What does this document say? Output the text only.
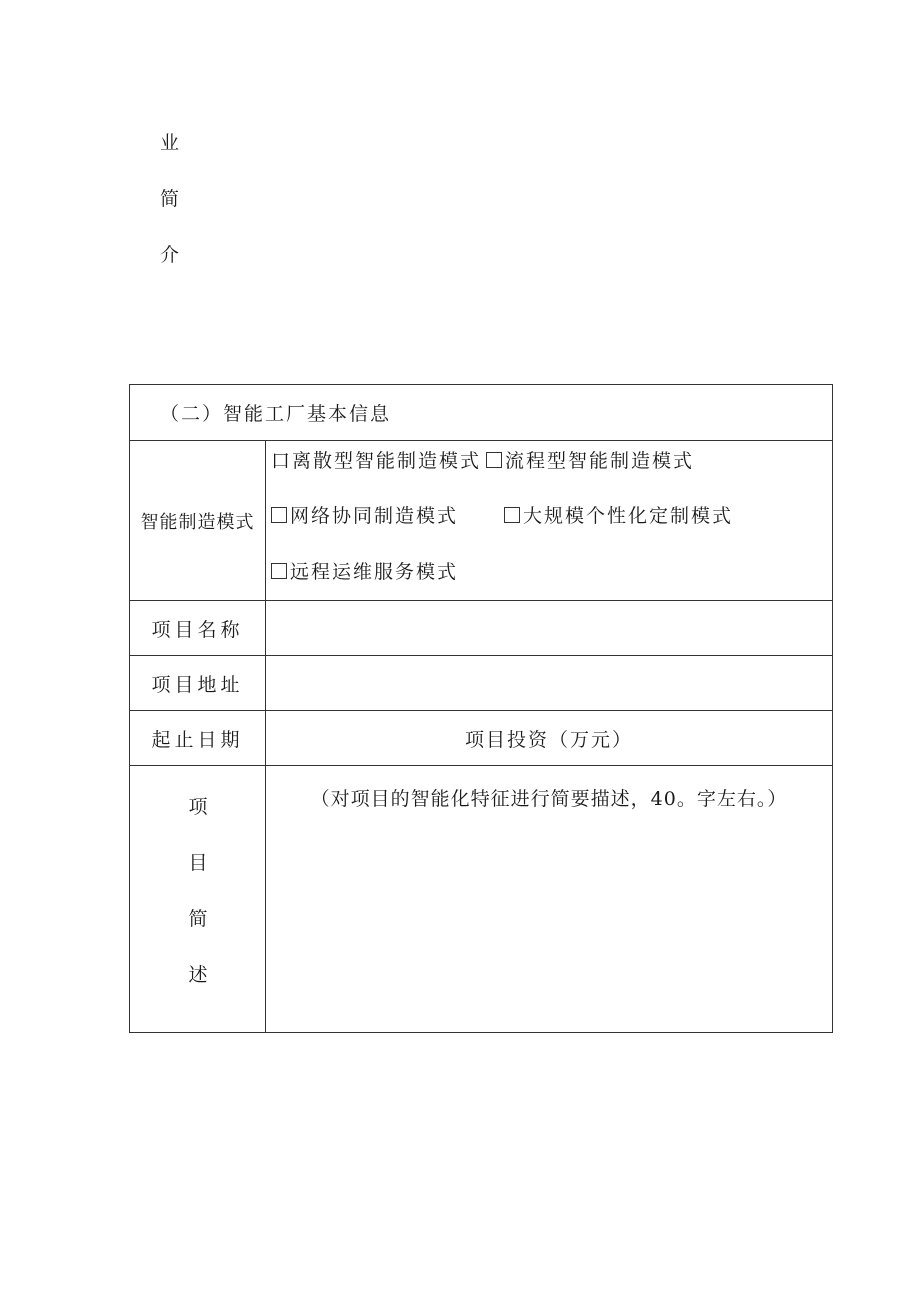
业
简
介
（二）智能工厂基本信息	
智能制造模式	口离散型智能制造模式 流程型智能制造模式
网络协同制造模式 大规模个性化定制模式
远程运维服务模式

项目名称	
项目地址	
起止日期	项目投资（万元）

项
目
简
述	（对项目的智能化特征进行简要描述，40。字左右。）
